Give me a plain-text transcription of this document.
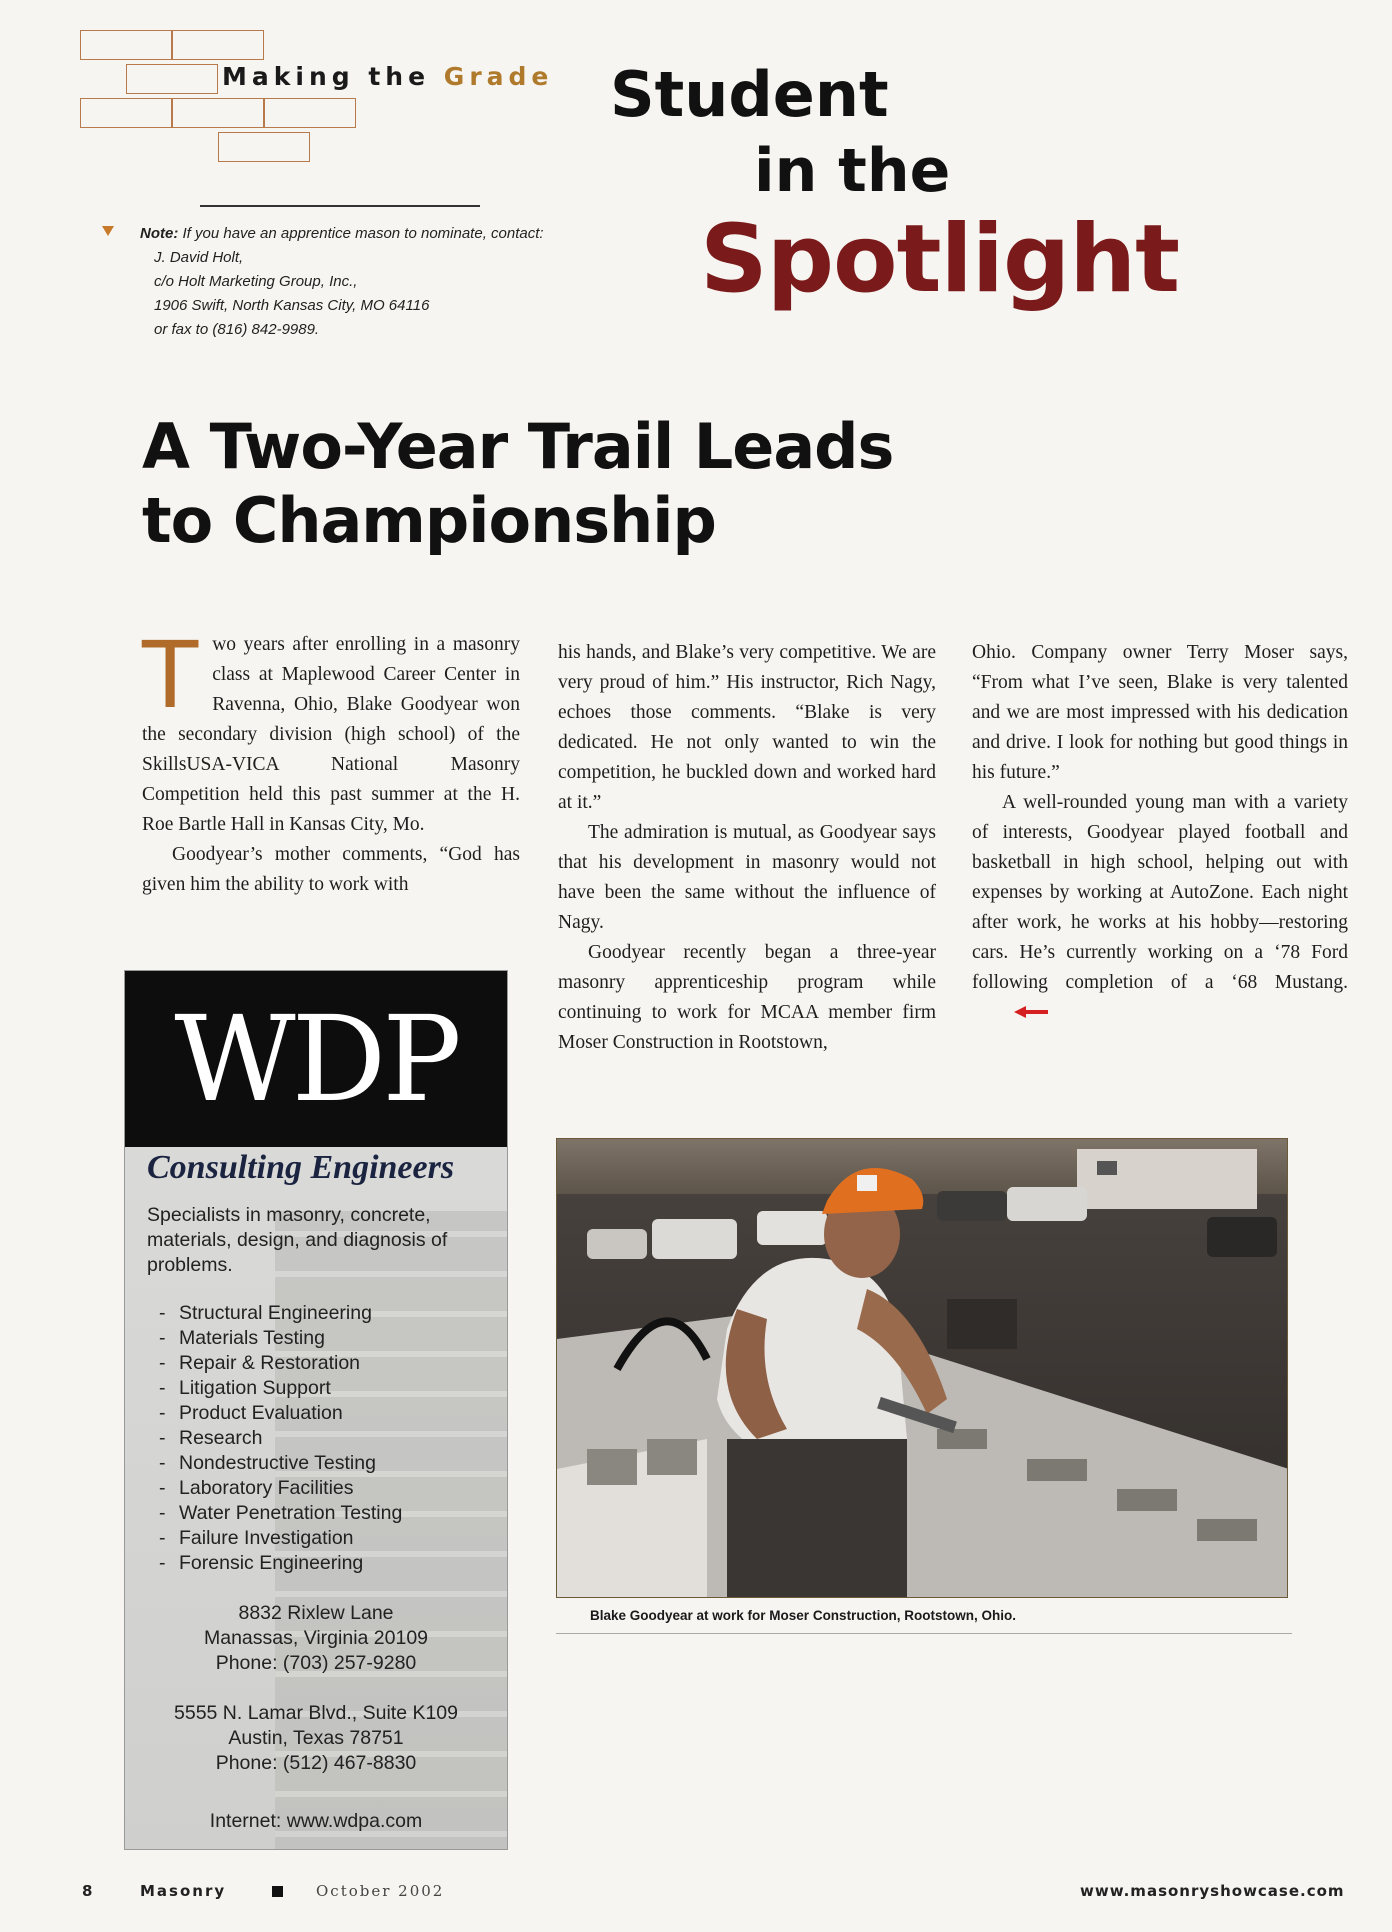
Making the Grade Student
in the
Spotlight
Note: If you have an apprentice mason to nominate, contact:
J. David Holt,
c/o Holt Marketing Group, Inc.,
1906 Swift, North Kansas City, MO 64116
or fax to (816) 842-9989.
A Two-Year Trail Leads
to Championship

Two years after enrolling in a masonry class at Maplewood Career Center in Ravenna, Ohio, Blake Goodyear won the secondary division (high school) of the SkillsUSA-VICA National Masonry Competition held this past summer at the H. Roe Bartle Hall in Kansas City, Mo.

Goodyear’s mother comments, “God has given him the ability to work with

his hands, and Blake’s very competitive. We are very proud of him.” His instructor, Rich Nagy, echoes those comments. “Blake is very dedicated. He not only wanted to win the competition, he buckled down and worked hard at it.”

The admiration is mutual, as Goodyear says that his development in masonry would not have been the same without the influence of Nagy.

Goodyear recently began a three-year masonry apprenticeship program while continuing to work for MCAA member firm Moser Construction in Rootstown,

Ohio. Company owner Terry Moser says, “From what I’ve seen, Blake is very talented and we are most impressed with his dedication and drive. I look for nothing but good things in his future.”

A well-rounded young man with a variety of interests, Goodyear played football and basketball in high school, helping out with expenses by working at AutoZone. Each night after work, he works at his hobby—restoring cars. He’s currently working on a ‘78 Ford following completion of a ‘68 Mustang.

WDP
Consulting Engineers
Specialists in masonry, concrete, materials, design, and diagnosis of problems.
- Structural Engineering
- Materials Testing
- Repair & Restoration
- Litigation Support
- Product Evaluation
- Research
- Nondestructive Testing
- Laboratory Facilities
- Water Penetration Testing
- Failure Investigation
- Forensic Engineering
8832 Rixlew Lane
Manassas, Virginia 20109
Phone: (703) 257-9280
5555 N. Lamar Blvd., Suite K109
Austin, Texas 78751
Phone: (512) 467-8830
Internet: www.wdpa.com
Blake Goodyear at work for Moser Construction, Rootstown, Ohio.
8	Masonry	October 2002	www.masonryshowcase.com
